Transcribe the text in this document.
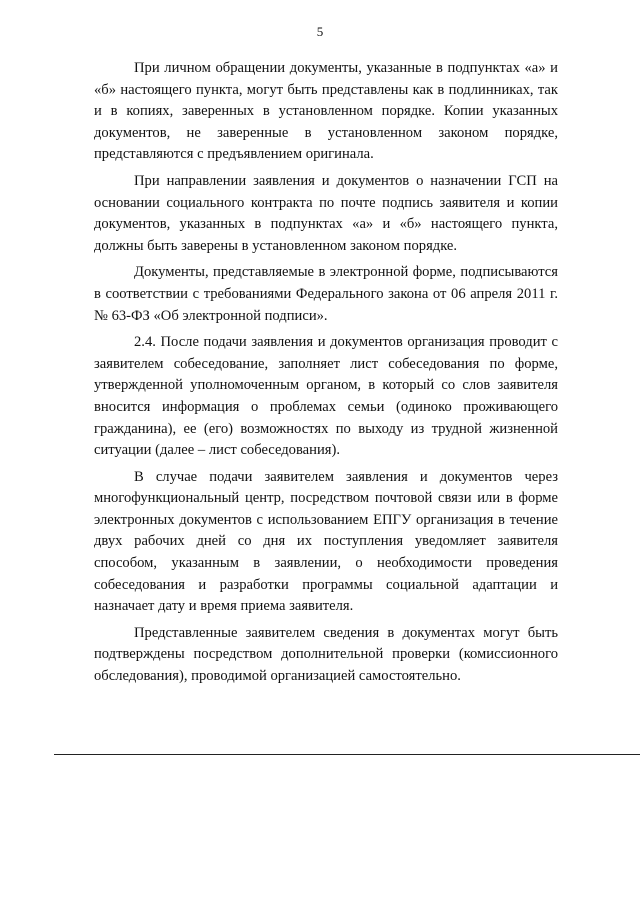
5

При личном обращении документы, указанные в подпунктах «а» и «б» настоящего пункта, могут быть представлены как в подлинниках, так и в копиях, заверенных в установленном порядке. Копии указанных документов, не заверенные в установленном законом порядке, представляются с предъявлением оригинала.

При направлении заявления и документов о назначении ГСП на основании социального контракта по почте подпись заявителя и копии документов, указанных в подпунктах «а» и «б» настоящего пункта, должны быть заверены в установленном законом порядке.

Документы, представляемые в электронной форме, подписываются в соответствии с требованиями Федерального закона от 06 апреля 2011 г. № 63-ФЗ «Об электронной подписи».

2.4. После подачи заявления и документов организация проводит с заявителем собеседование, заполняет лист собеседования по форме, утвержденной уполномоченным органом, в который со слов заявителя вносится информация о проблемах семьи (одиноко проживающего гражданина), ее (его) возможностях по выходу из трудной жизненной ситуации (далее – лист собеседования).

В случае подачи заявителем заявления и документов через многофункциональный центр, посредством почтовой связи или в форме электронных документов с использованием ЕПГУ организация в течение двух рабочих дней со дня их поступления уведомляет заявителя способом, указанным в заявлении, о необходимости проведения собеседования и разработки программы социальной адаптации и назначает дату и время приема заявителя.

Представленные заявителем сведения в документах могут быть подтверждены посредством дополнительной проверки (комиссионного обследования), проводимой организацией самостоятельно.
